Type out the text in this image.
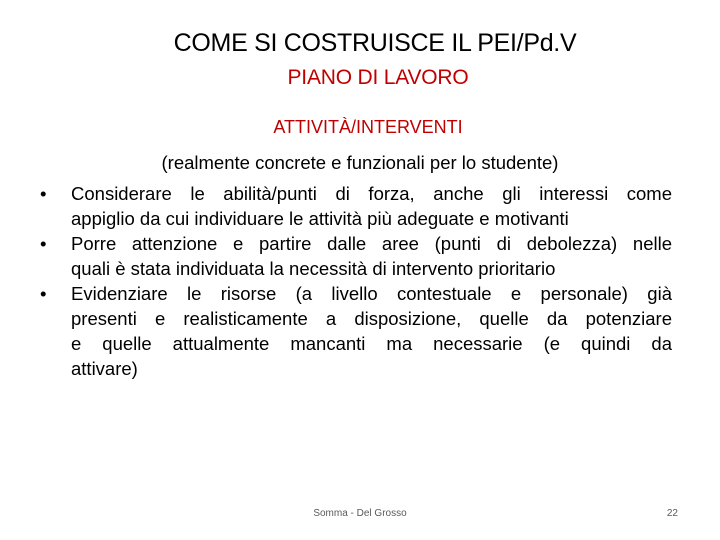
COME SI COSTRUISCE IL PEI/Pd.V
PIANO DI LAVORO
ATTIVITÀ/INTERVENTI
(realmente concrete e funzionali per lo studente)
•	Considerare le abilità/punti di forza, anche gli interessi come
appiglio da cui individuare le attività più adeguate e motivanti
•	Porre attenzione e partire dalle aree (punti di debolezza) nelle
quali è stata individuata la necessità di intervento prioritario
•	Evidenziare le risorse (a livello contestuale e personale) già
presenti e realisticamente a disposizione, quelle da potenziare
e quelle attualmente mancanti ma necessarie (e quindi da
attivare)
Somma - Del Grosso	22
